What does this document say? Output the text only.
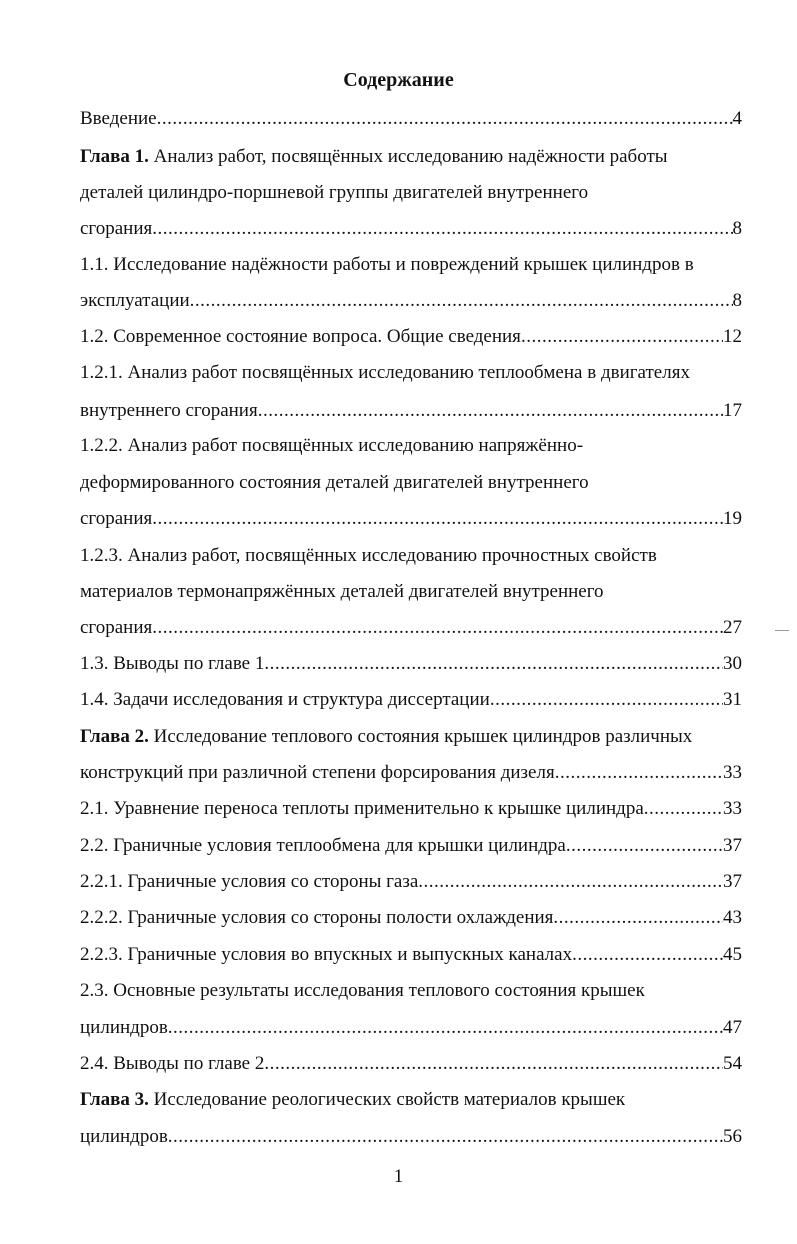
Содержание
Введение .....	4
Глава 1. Анализ работ, посвящённых исследованию надёжности работы
деталей цилиндро-поршневой группы двигателей внутреннего
сгорания .....	8
1.1. Исследование надёжности работы и повреждений крышек цилиндров в
эксплуатации .....	8
1.2. Современное состояние вопроса. Общие сведения .....	12
1.2.1. Анализ работ посвящённых исследованию теплообмена в двигателях
внутреннего сгорания .....	17
1.2.2. Анализ работ посвящённых исследованию напряжённо-
деформированного состояния деталей двигателей внутреннего
сгорания .....	19
1.2.3. Анализ работ, посвящённых исследованию прочностных свойств
материалов термонапряжённых деталей двигателей внутреннего
сгорания .....	27
1.3. Выводы по главе 1 .....	30
1.4. Задачи исследования и структура диссертации .....	31
Глава 2. Исследование теплового состояния крышек цилиндров различных
конструкций при различной степени форсирования дизеля .....	33
2.1. Уравнение переноса теплоты применительно к крышке цилиндра .....	33
2.2. Граничные условия теплообмена для крышки цилиндра .....	37
2.2.1. Граничные условия со стороны газа .....	37
2.2.2. Граничные условия со стороны полости охлаждения .....	43
2.2.3. Граничные условия во впускных и выпускных каналах .....	45
2.3. Основные результаты исследования теплового состояния крышек
цилиндров .....	47
2.4. Выводы по главе 2 .....	54
Глава 3. Исследование реологических свойств материалов крышек
цилиндров .....	56
1
